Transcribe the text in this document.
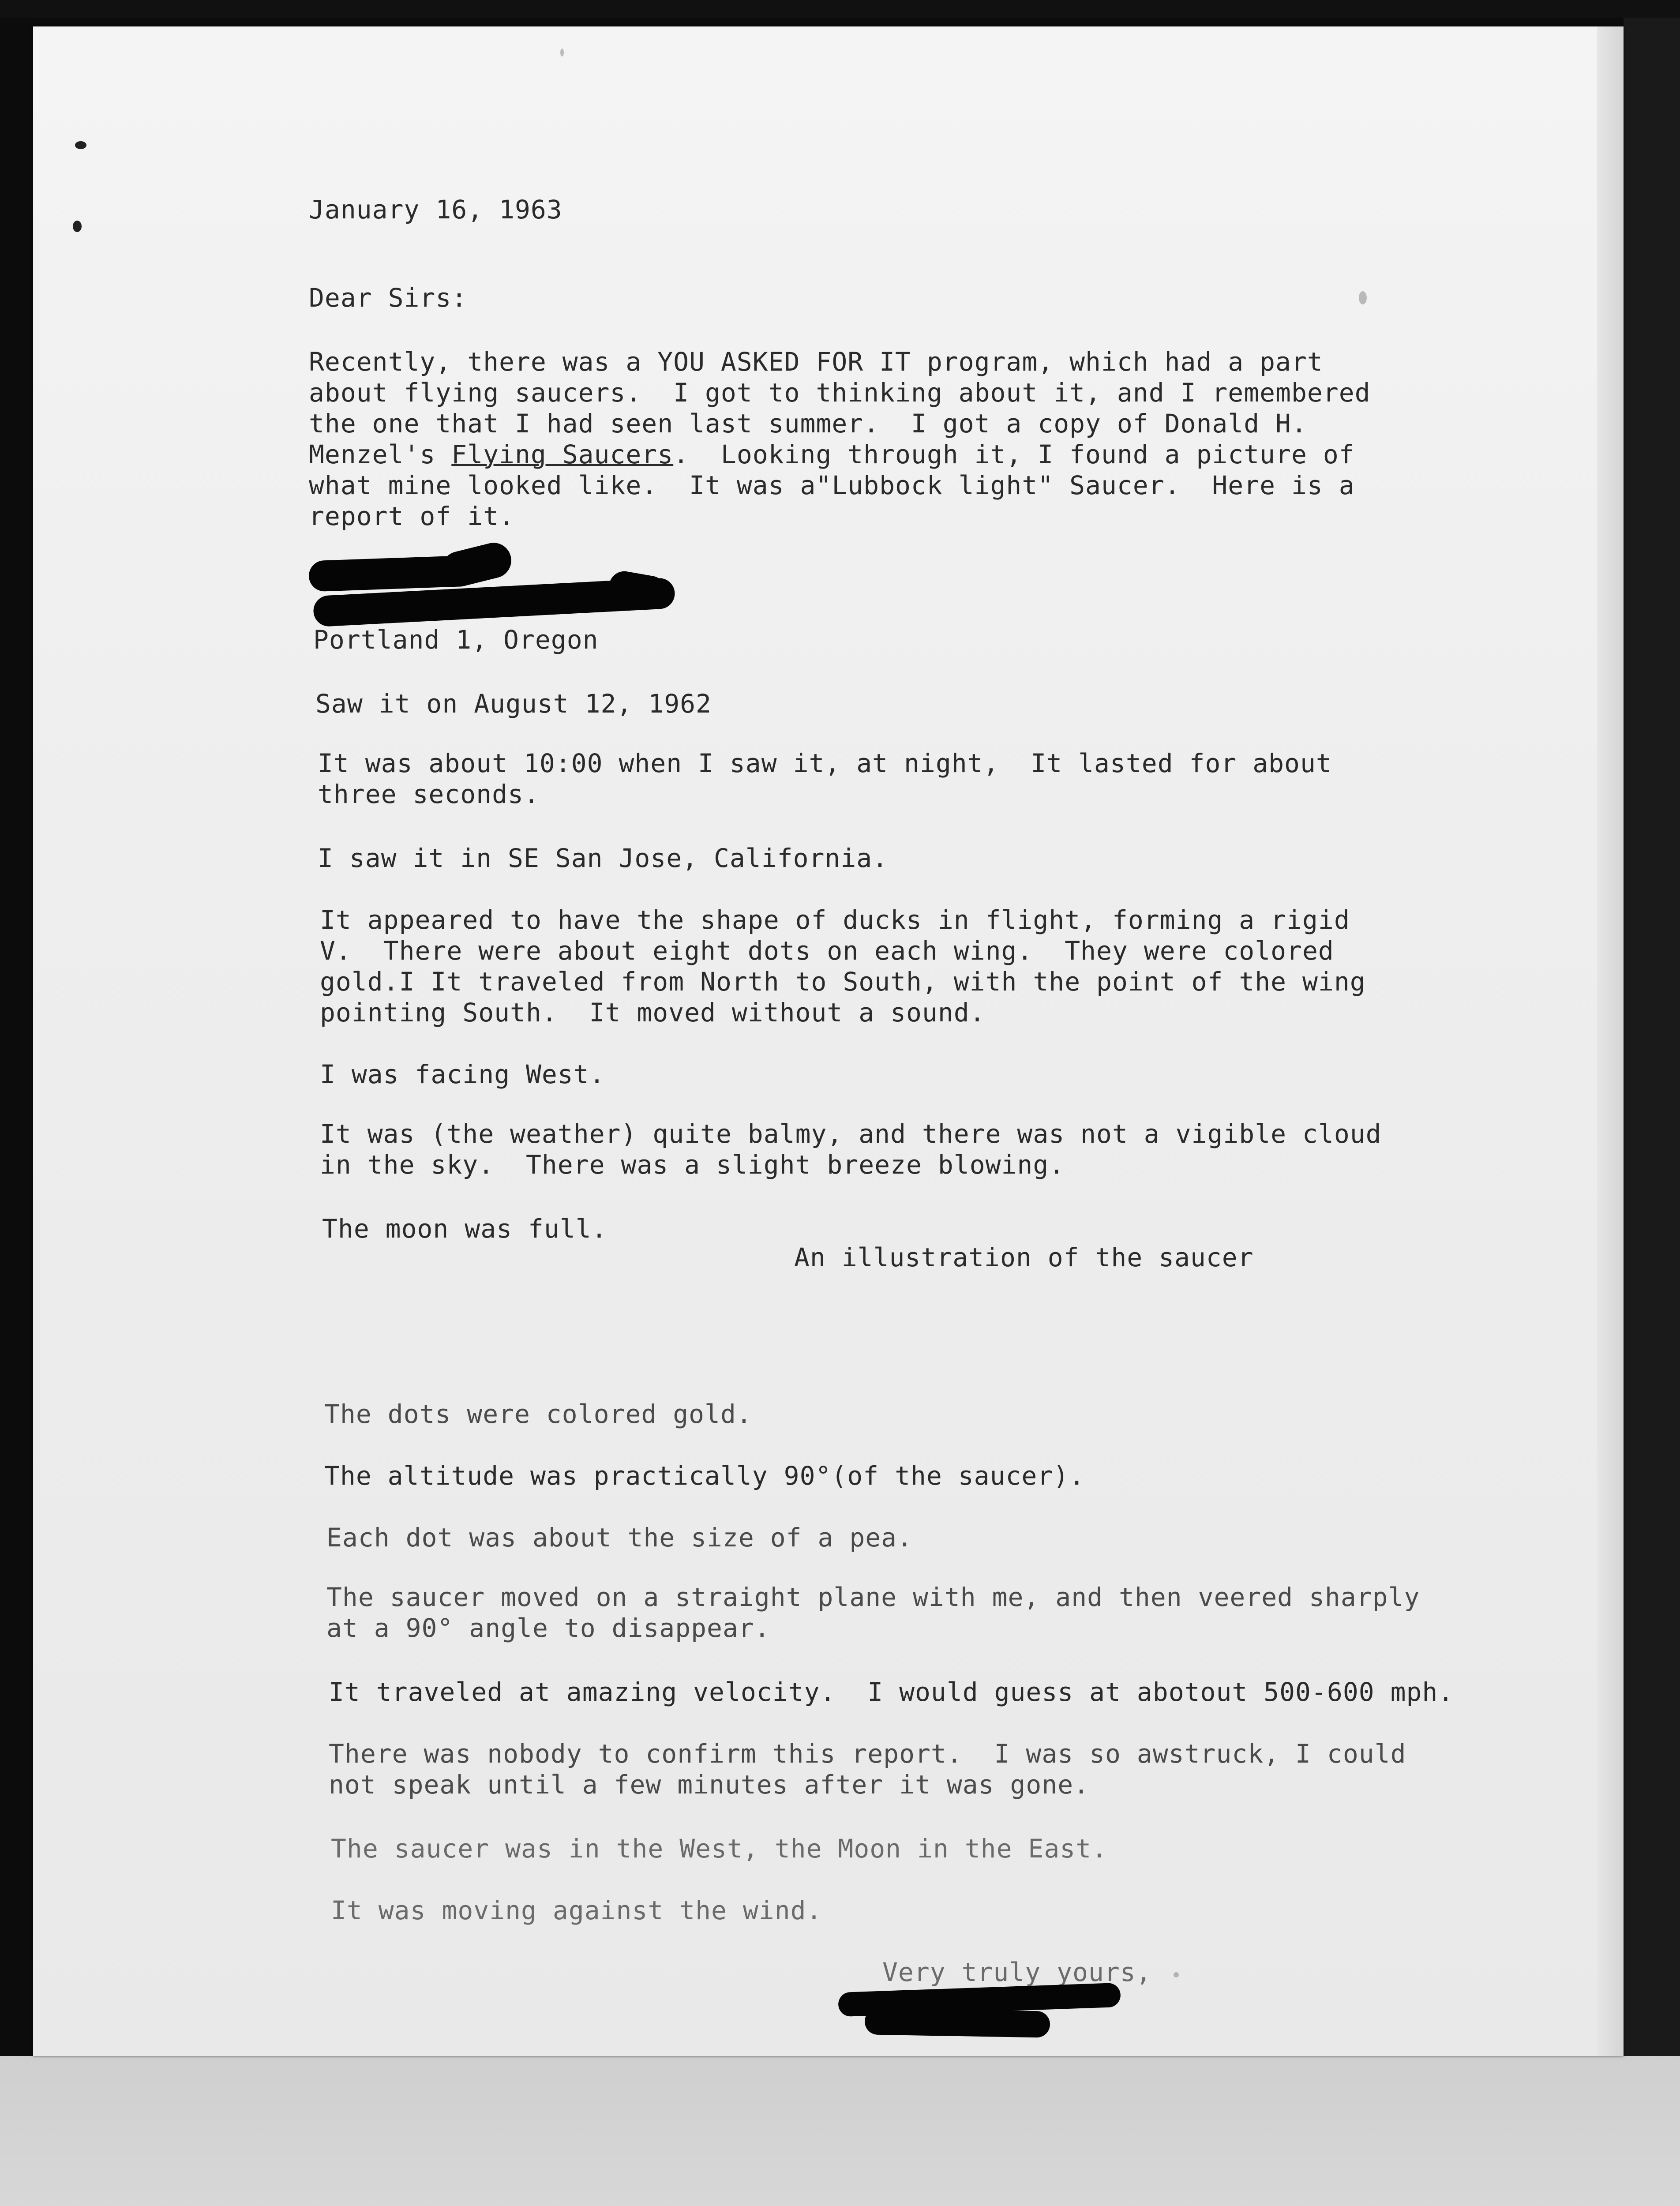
January 16, 1963
Dear Sirs:
Recently, there was a YOU ASKED FOR IT program, which had a part
about flying saucers.  I got to thinking about it, and I remembered
the one that I had seen last summer.  I got a copy of Donald H.
Menzel's Flying Saucers.  Looking through it, I found a picture of
what mine looked like.  It was a"Lubbock light" Saucer.  Here is a
report of it.
Portland 1, Oregon
Saw it on August 12, 1962
It was about 10:00 when I saw it, at night,  It lasted for about
three seconds.
I saw it in SE San Jose, California.
It appeared to have the shape of ducks in flight, forming a rigid
V.  There were about eight dots on each wing.  They were colored
gold.I It traveled from North to South, with the point of the wing
pointing South.  It moved without a sound.
I was facing West.
It was (the weather) quite balmy, and there was not a vigible cloud
in the sky.  There was a slight breeze blowing.
The moon was full.
An illustration of the saucer
The dots were colored gold.
The altitude was practically 90°(of the saucer).
Each dot was about the size of a pea.
The saucer moved on a straight plane with me, and then veered sharply
at a 90° angle to disappear.
It traveled at amazing velocity.  I would guess at abotout 500-600 mph.
There was nobody to confirm this report.  I was so awstruck, I could
not speak until a few minutes after it was gone.
The saucer was in the West, the Moon in the East.
It was moving against the wind.
Very truly yours,
